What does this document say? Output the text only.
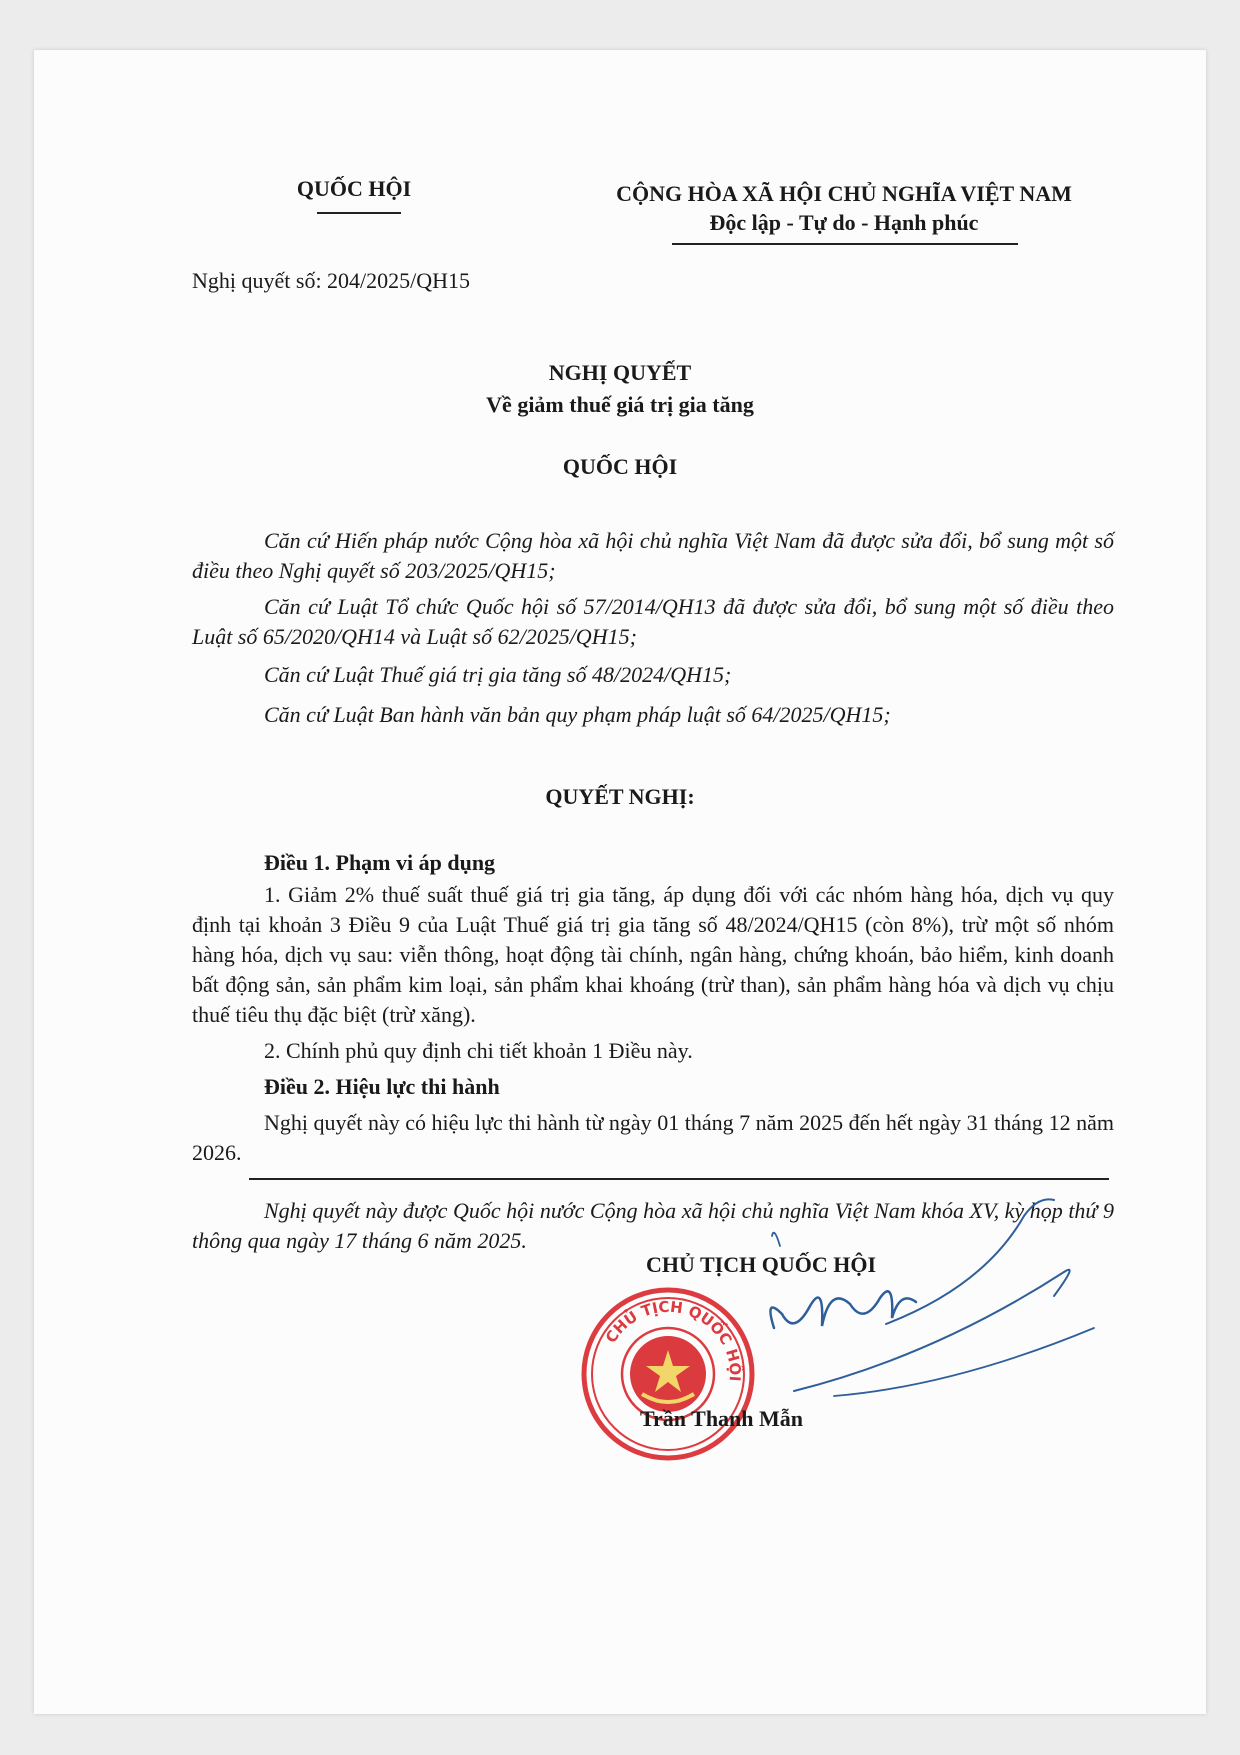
QUỐC HỘI	CỘNG HÒA XÃ HỘI CHỦ NGHĨA VIỆT NAM
Độc lập - Tự do - Hạnh phúc
Nghị quyết số: 204/2025/QH15
NGHỊ QUYẾT
Về giảm thuế giá trị gia tăng
QUỐC HỘI

Căn cứ Hiến pháp nước Cộng hòa xã hội chủ nghĩa Việt Nam đã được sửa đổi, bổ sung một số điều theo Nghị quyết số 203/2025/QH15;

Căn cứ Luật Tổ chức Quốc hội số 57/2014/QH13 đã được sửa đổi, bổ sung một số điều theo Luật số 65/2020/QH14 và Luật số 62/2025/QH15;

Căn cứ Luật Thuế giá trị gia tăng số 48/2024/QH15;

Căn cứ Luật Ban hành văn bản quy phạm pháp luật số 64/2025/QH15;

QUYẾT NGHỊ:
Điều 1. Phạm vi áp dụng

1. Giảm 2% thuế suất thuế giá trị gia tăng, áp dụng đối với các nhóm hàng hóa, dịch vụ quy định tại khoản 3 Điều 9 của Luật Thuế giá trị gia tăng số 48/2024/QH15 (còn 8%), trừ một số nhóm hàng hóa, dịch vụ sau: viễn thông, hoạt động tài chính, ngân hàng, chứng khoán, bảo hiểm, kinh doanh bất động sản, sản phẩm kim loại, sản phẩm khai khoáng (trừ than), sản phẩm hàng hóa và dịch vụ chịu thuế tiêu thụ đặc biệt (trừ xăng).

2. Chính phủ quy định chi tiết khoản 1 Điều này.

Điều 2. Hiệu lực thi hành

Nghị quyết này có hiệu lực thi hành từ ngày 01 tháng 7 năm 2025 đến hết ngày 31 tháng 12 năm 2026.

Nghị quyết này được Quốc hội nước Cộng hòa xã hội chủ nghĩa Việt Nam khóa XV, kỳ họp thứ 9 thông qua ngày 17 tháng 6 năm 2025.

CHỦ TỊCH QUỐC HỘI
CHỦ TỊCH QUỐC HỘI
Trần Thanh Mẫn
